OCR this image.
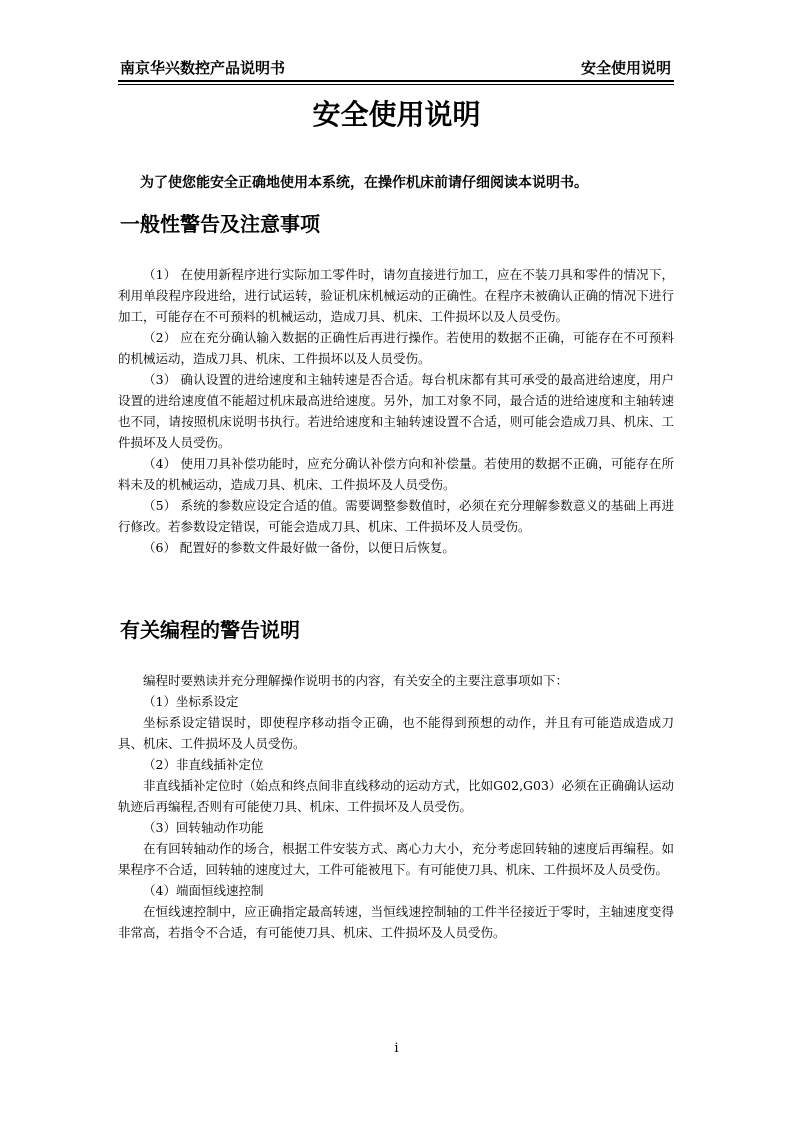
南京华兴数控产品说明书	安全使用说明
安全使用说明
为了使您能安全正确地使用本系统，在操作机床前请仔细阅读本说明书。
一般性警告及注意事项

（1） 在使用新程序进行实际加工零件时，请勿直接进行加工，应在不装刀具和零件的情况下，利用单段程序段进给，进行试运转，验证机床机械运动的正确性。在程序未被确认正确的情况下进行加工，可能存在不可预料的机械运动，造成刀具、机床、工件损坏以及人员受伤。

（2） 应在充分确认输入数据的正确性后再进行操作。若使用的数据不正确，可能存在不可预料的机械运动，造成刀具、机床、工件损坏以及人员受伤。

（3） 确认设置的进给速度和主轴转速是否合适。每台机床都有其可承受的最高进给速度，用户设置的进给速度值不能超过机床最高进给速度。另外，加工对象不同，最合适的进给速度和主轴转速也不同，请按照机床说明书执行。若进给速度和主轴转速设置不合适，则可能会造成刀具、机床、工件损坏及人员受伤。

（4） 使用刀具补偿功能时，应充分确认补偿方向和补偿量。若使用的数据不正确，可能存在所料未及的机械运动，造成刀具、机床、工件损坏及人员受伤。

（5） 系统的参数应设定合适的值。需要调整参数值时，必须在充分理解参数意义的基础上再进行修改。若参数设定错误，可能会造成刀具、机床、工件损坏及人员受伤。

（6） 配置好的参数文件最好做一备份，以便日后恢复。

有关编程的警告说明

编程时要熟读并充分理解操作说明书的内容，有关安全的主要注意事项如下：

（1）坐标系设定

坐标系设定错误时，即使程序移动指令正确，也不能得到预想的动作，并且有可能造成造成刀具、机床、工件损坏及人员受伤。

（2）非直线插补定位

非直线插补定位时（始点和终点间非直线移动的运动方式，比如G02,G03）必须在正确确认运动轨迹后再编程,否则有可能使刀具、机床、工件损坏及人员受伤。

（3）回转轴动作功能

在有回转轴动作的场合，根据工件安装方式、离心力大小，充分考虑回转轴的速度后再编程。如果程序不合适，回转轴的速度过大，工件可能被甩下。有可能使刀具、机床、工件损坏及人员受伤。

（4）端面恒线速控制

在恒线速控制中，应正确指定最高转速，当恒线速控制轴的工件半径接近于零时，主轴速度变得非常高，若指令不合适，有可能使刀具、机床、工件损坏及人员受伤。

i
